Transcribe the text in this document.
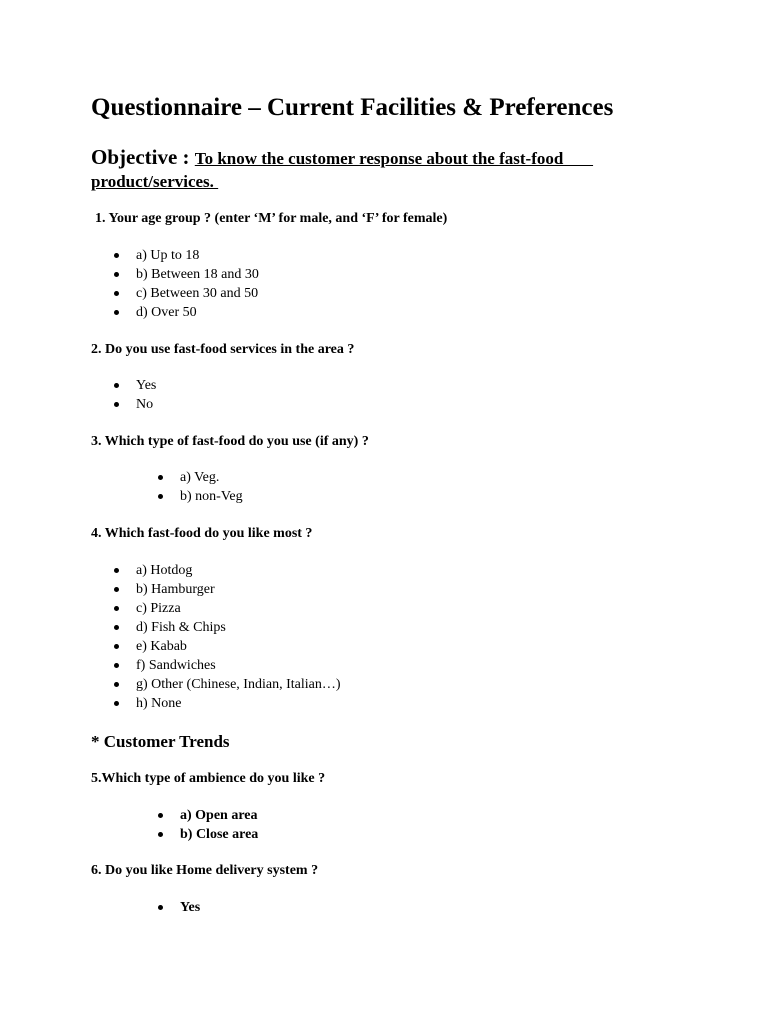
Questionnaire – Current Facilities & Preferences
Objective : To know the customer response about the fast-food
product/services.

1. Your age group ? (enter ‘M’ for male, and ‘F’ for female)

a) Up to 18
b) Between 18 and 30
c) Between 30 and 50
d) Over 50

2. Do you use fast-food services in the area ?

Yes
No

3. Which type of fast-food do you use (if any) ?

a) Veg.
b) non-Veg

4. Which fast-food do you like most ?

a) Hotdog
b) Hamburger
c) Pizza
d) Fish & Chips
e) Kabab
f) Sandwiches
g) Other (Chinese, Indian, Italian…)
h) None
* Customer Trends

5.Which type of ambience do you like ?

a) Open area
b) Close area

6. Do you like Home delivery system ?

Yes
